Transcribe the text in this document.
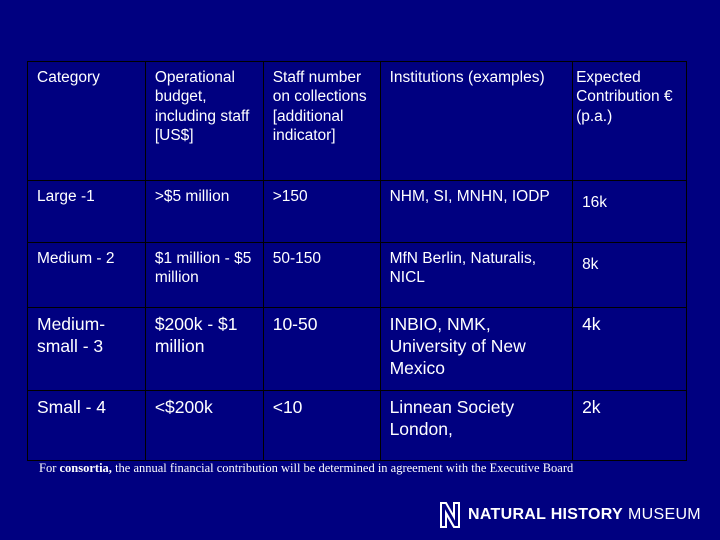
Category	Operational budget, including staff [US$]	Staff number on collections [additional indicator]	Institutions (examples)	Expected Contribution € (p.a.)
Large -1	>$5 million	>150	NHM, SI, MNHN, IODP	16k
Medium - 2	$1 million - $5 million	50-150	MfN Berlin, Naturalis, NICL	8k
Medium-small - 3	$200k - $1 million	10-50	INBIO, NMK, University of New Mexico	4k
Small - 4	<$200k	<10	Linnean Society London,	2k
For consortia, the annual financial contribution will be determined in agreement with the Executive Board
NATURAL HISTORY MUSEUM
